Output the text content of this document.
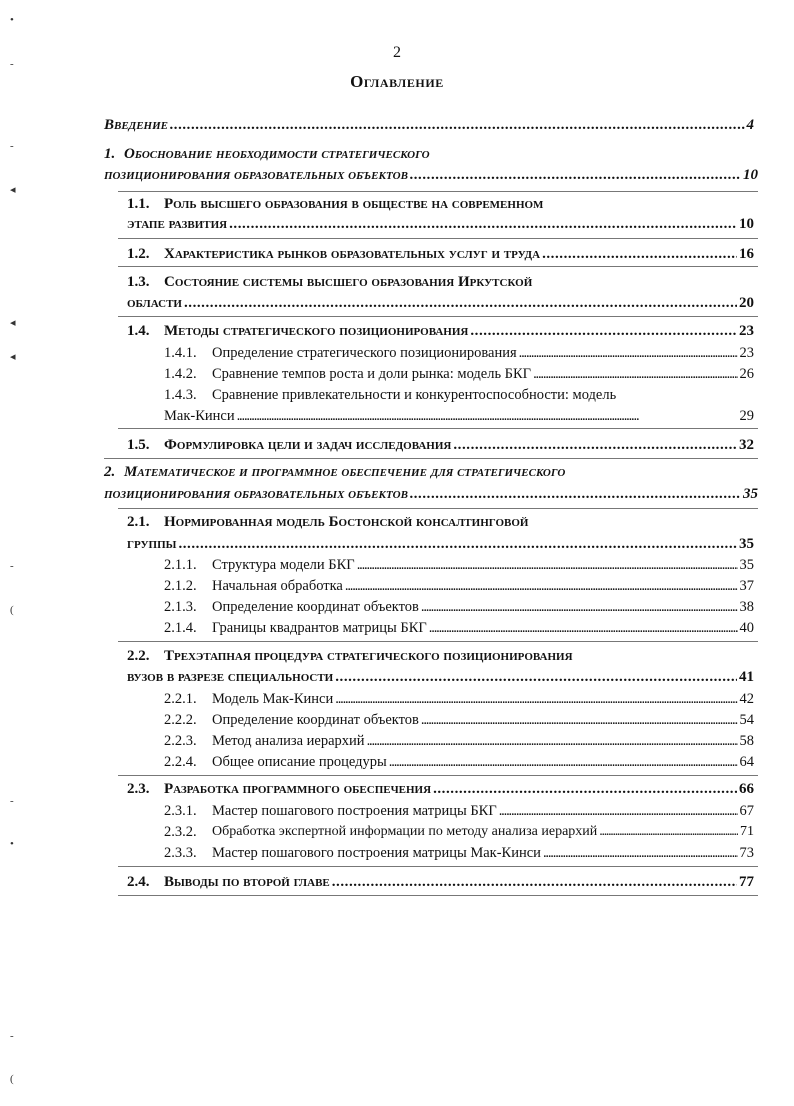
2
Оглавление
Введение . . .	4
1. Обоснование необходимости стратегического
позиционирования образовательных объектов . . .	10
1.1. Роль высшего образования в обществе на современном
этапе развития . . .	10
1.2. Характеристика рынков образовательных услуг и труда . . .	16
1.3. Состояние системы высшего образования Иркутской
области . . .	20
1.4. Методы стратегического позиционирования . . .	23
1.4.1. Определение стратегического позиционирования . . .	23
1.4.2. Сравнение темпов роста и доли рынка: модель БКГ . . .	26
1.4.3. Сравнение привлекательности и конкурентоспособности: модель
Мак-Кинси . . .	29
1.5. Формулировка цели и задач исследования . . .	32
2. Математическое и программное обеспечение для стратегического
позиционирования образовательных объектов . . .	35
2.1. Нормированная модель Бостонской консалтинговой
группы . . .	35
2.1.1. Структура модели БКГ . . .	35
2.1.2. Начальная обработка . . .	37
2.1.3. Определение координат объектов . . .	38
2.1.4. Границы квадрантов матрицы БКГ . . .	40
2.2. Трехэтапная процедура стратегического позиционирования
вузов в разрезе специальности . . .	41
2.2.1. Модель Мак-Кинси . . .	42
2.2.2. Определение координат объектов . . .	54
2.2.3. Метод анализа иерархий . . .	58
2.2.4. Общее описание процедуры . . .	64
2.3. Разработка программного обеспечения . . .	66
2.3.1. Мастер пошагового построения матрицы БКГ . . .	67
2.3.2. Обработка экспертной информации по методу анализа иерархий . . .	71
2.3.3. Мастер пошагового построения матрицы Мак-Кинси . . .	73
2.4. Выводы по второй главе . . .	77
•
‑
‑
◂
◂
◂
‑
(
‑
•
‑
(
